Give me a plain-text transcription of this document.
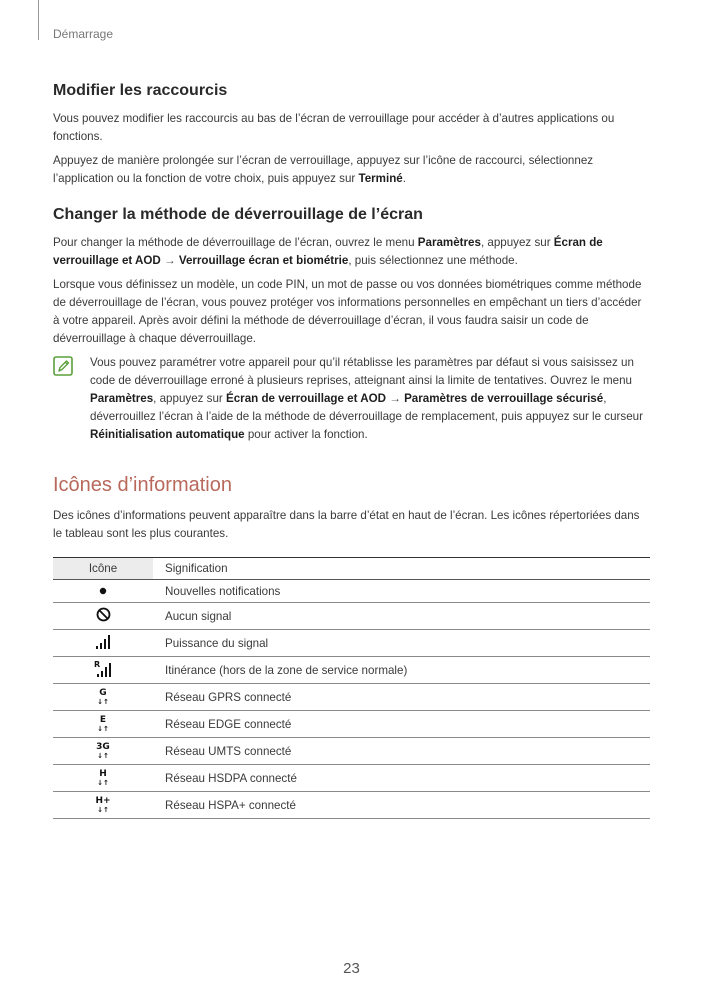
Démarrage
Modifier les raccourcis

Vous pouvez modifier les raccourcis au bas de l’écran de verrouillage pour accéder à d’autres applications ou fonctions.

Appuyez de manière prolongée sur l’écran de verrouillage, appuyez sur l’icône de raccourci, sélectionnez l’application ou la fonction de votre choix, puis appuyez sur Terminé.

Changer la méthode de déverrouillage de l’écran

Pour changer la méthode de déverrouillage de l’écran, ouvrez le menu Paramètres, appuyez sur Écran de verrouillage et AOD → Verrouillage écran et biométrie, puis sélectionnez une méthode.

Lorsque vous définissez un modèle, un code PIN, un mot de passe ou vos données biométriques comme méthode de déverrouillage de l’écran, vous pouvez protéger vos informations personnelles en empêchant un tiers d’accéder à votre appareil. Après avoir défini la méthode de déverrouillage d’écran, il vous faudra saisir un code de déverrouillage à chaque déverrouillage.

Vous pouvez paramétrer votre appareil pour qu’il rétablisse les paramètres par défaut si vous saisissez un code de déverrouillage erroné à plusieurs reprises, atteignant ainsi la limite de tentatives. Ouvrez le menu Paramètres, appuyez sur Écran de verrouillage et AOD → Paramètres de verrouillage sécurisé, déverrouillez l’écran à l’aide de la méthode de déverrouillage de remplacement, puis appuyez sur le curseur Réinitialisation automatique pour activer la fonction.

Icônes d’information

Des icônes d’informations peuvent apparaître dans la barre d’état en haut de l’écran. Les icônes répertoriées dans le tableau sont les plus courantes.

Icône	Signification
	Nouvelles notifications
	Aucun signal
	Puissance du signal

R	Itinérance (hors de la zone de service normale)

G
↓↑	Réseau GPRS connecté

E
↓↑	Réseau EDGE connecté

3G
↓↑	Réseau UMTS connecté

H
↓↑	Réseau HSDPA connecté

H+
↓↑	Réseau HSPA+ connecté
23
